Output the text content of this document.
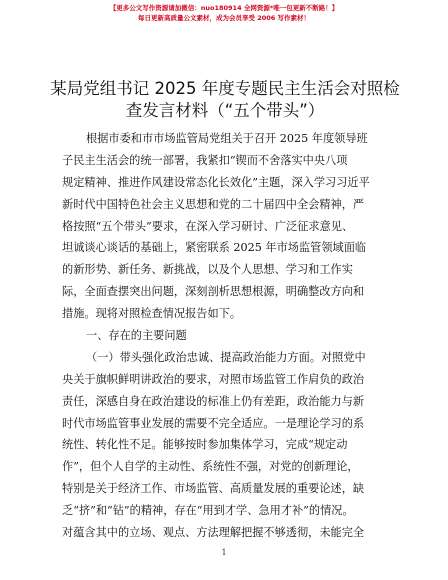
【更多公文写作资源请加微信：nuo180914 全网资源*唯一包更新不断路！】
每日更新高质量公文素材，成为会员享受 2006 写作素材！
某局党组书记 2025 年度专题民主生活会对照检
查发言材料（“五个带头”）
根据市委和市市场监管局党组关于召开 2025 年度领导班
子民主生活会的统一部署，我紧扣“锲而不舍落实中央八项
规定精神、推进作风建设常态化长效化”主题，深入学习习近平
新时代中国特色社会主义思想和党的二十届四中全会精神，严
格按照“五个带头”要求，在深入学习研讨、广泛征求意见、
坦诚谈心谈话的基础上，紧密联系 2025 年市场监管领域面临
的新形势、新任务、新挑战，以及个人思想、学习和工作实
际，全面查摆突出问题，深刻剖析思想根源，明确整改方向和
措施。现将对照检查情况报告如下。
一、存在的主要问题
（一）带头强化政治忠诚、提高政治能力方面。对照党中
央关于旗帜鲜明讲政治的要求，对照市场监管工作肩负的政治
责任，深感自身在政治建设的标准上仍有差距，政治能力与新
时代市场监管事业发展的需要不完全适应。一是理论学习的系
统性、转化性不足。能够按时参加集体学习，完成“规定动
作”，但个人自学的主动性、系统性不强，对党的创新理论，
特别是关于经济工作、市场监管、高质量发展的重要论述，缺
乏“挤”和“钻”的精神，存在“用到才学、急用才补”的情况。
对蕴含其中的立场、观点、方法理解把握不够透彻，未能完全
1
